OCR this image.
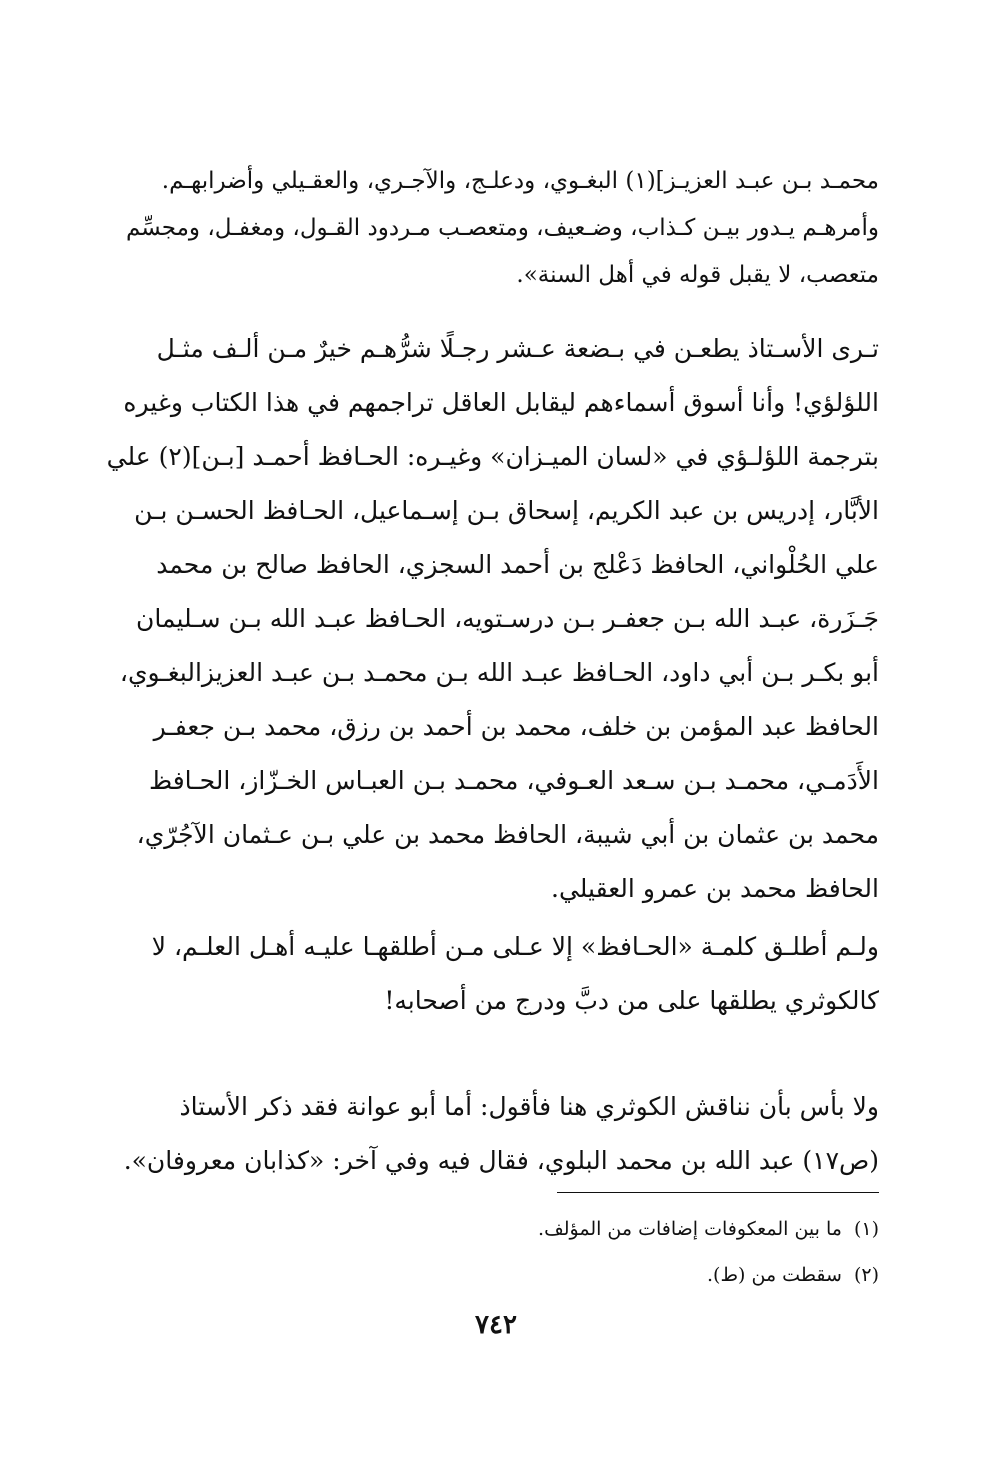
محمـد بـن عبـد العزيـز](١) البغـوي، ودعلـج، والآجـري، والعقـيلي وأضرابهـم.
وأمرهـم يـدور بيـن كـذاب، وضـعيف، ومتعصـب مـردود القـول، ومغفـل، ومجسِّم
متعصب، لا يقبل قوله في أهل السنة».
تـرى الأسـتاذ يطعـن في بـضعة عـشر رجـلًا شرُّهـم خيرٌ مـن ألـف مثـل
اللؤلؤي! وأنا أسوق أسماءهم ليقابل العاقل تراجمهم في هذا الكتاب وغيره
بترجمة اللؤلـؤي في «لسان الميـزان» وغيـره: الحـافظ أحمـد [بـن](٢) علي
الأبَّار، إدريس بن عبد الكريم، إسحاق بـن إسـماعيل، الحـافظ الحسـن بـن
علي الحُلْواني، الحافظ دَعْلج بن أحمد السجزي، الحافظ صالح بن محمد
جَـزَرة، عبـد الله بـن جعفـر بـن درسـتويه، الحـافظ عبـد الله بـن سـليمان
أبو بكـر بـن أبي داود، الحـافظ عبـد الله بـن محمـد بـن عبـد العزيزالبغـوي،
الحافظ عبد المؤمن بن خلف، محمد بن أحمد بن رزق، محمد بـن جعفـر
الأَدَمـي، محمـد بـن سـعد العـوفي، محمـد بـن العبـاس الخـزّاز، الحـافظ
محمد بن عثمان بن أبي شيبة، الحافظ محمد بن علي بـن عـثمان الآجُرّي،
الحافظ محمد بن عمرو العقيلي.
ولـم أطلـق كلمـة «الحـافظ» إلا عـلى مـن أطلقهـا عليـه أهـل العلـم، لا
كالكوثري يطلقها على من دبَّ ودرج من أصحابه!
ولا بأس بأن نناقش الكوثري هنا فأقول: أما أبو عوانة فقد ذكر الأستاذ
(ص١٧) عبد الله بن محمد البلوي، فقال فيه وفي آخر: «كذابان معروفان».
(١)ما بين المعكوفات إضافات من المؤلف.
(٢)سقطت من (ط).
٧٤٢
